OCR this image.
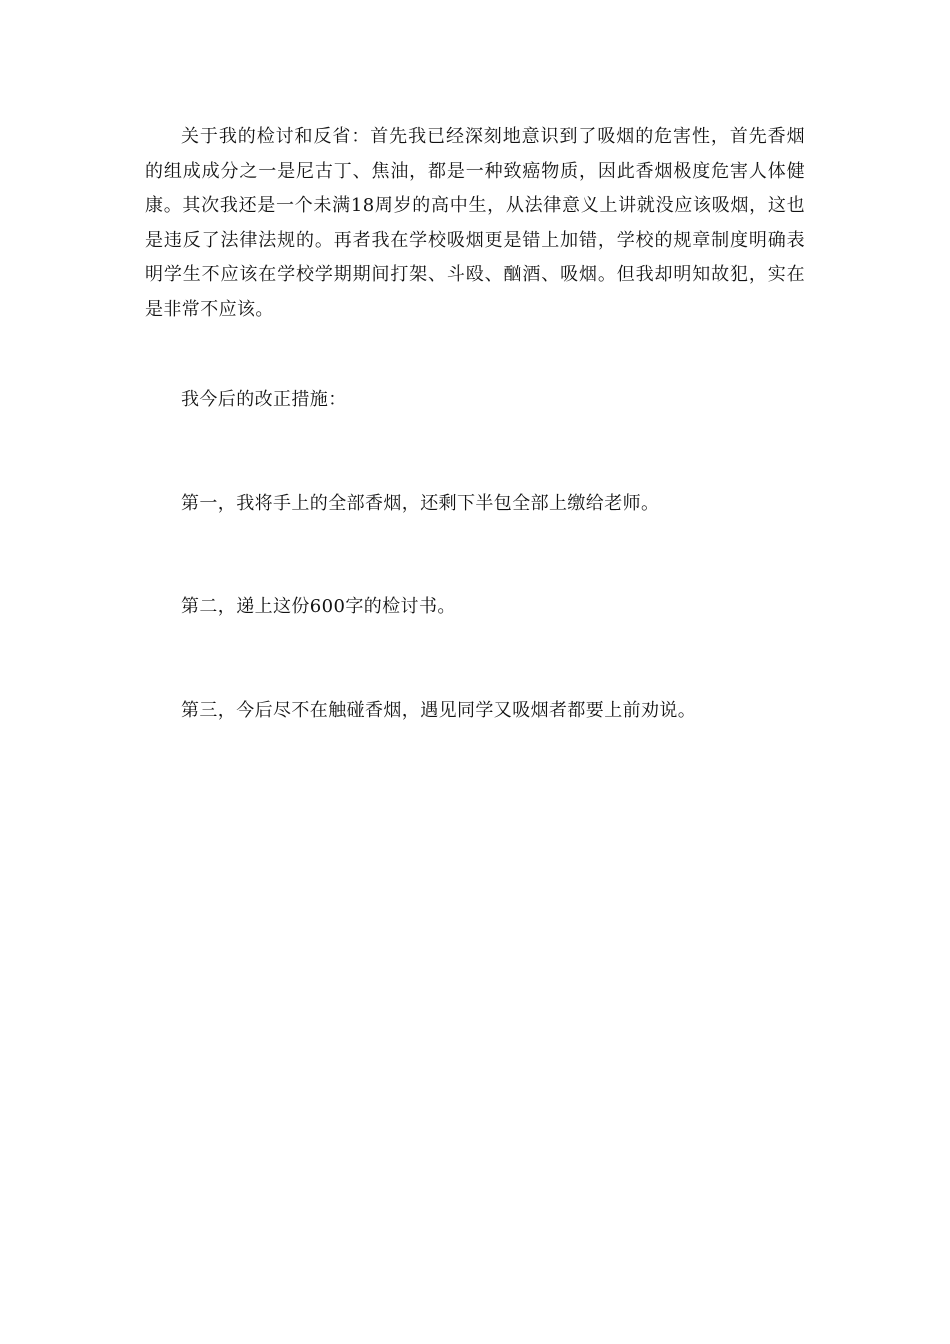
关于我的检讨和反省：首先我已经深刻地意识到了吸烟的危害性，首先香烟的组成成分之一是尼古丁、焦油，都是一种致癌物质，因此香烟极度危害人体健康。其次我还是一个未满18周岁的高中生，从法律意义上讲就没应该吸烟，这也是违反了法律法规的。再者我在学校吸烟更是错上加错，学校的规章制度明确表明学生不应该在学校学期期间打架、斗殴、酗酒、吸烟。但我却明知故犯，实在是非常不应该。

我今后的改正措施：

第一，我将手上的全部香烟，还剩下半包全部上缴给老师。

第二，递上这份600字的检讨书。

第三，今后尽不在触碰香烟，遇见同学又吸烟者都要上前劝说。
